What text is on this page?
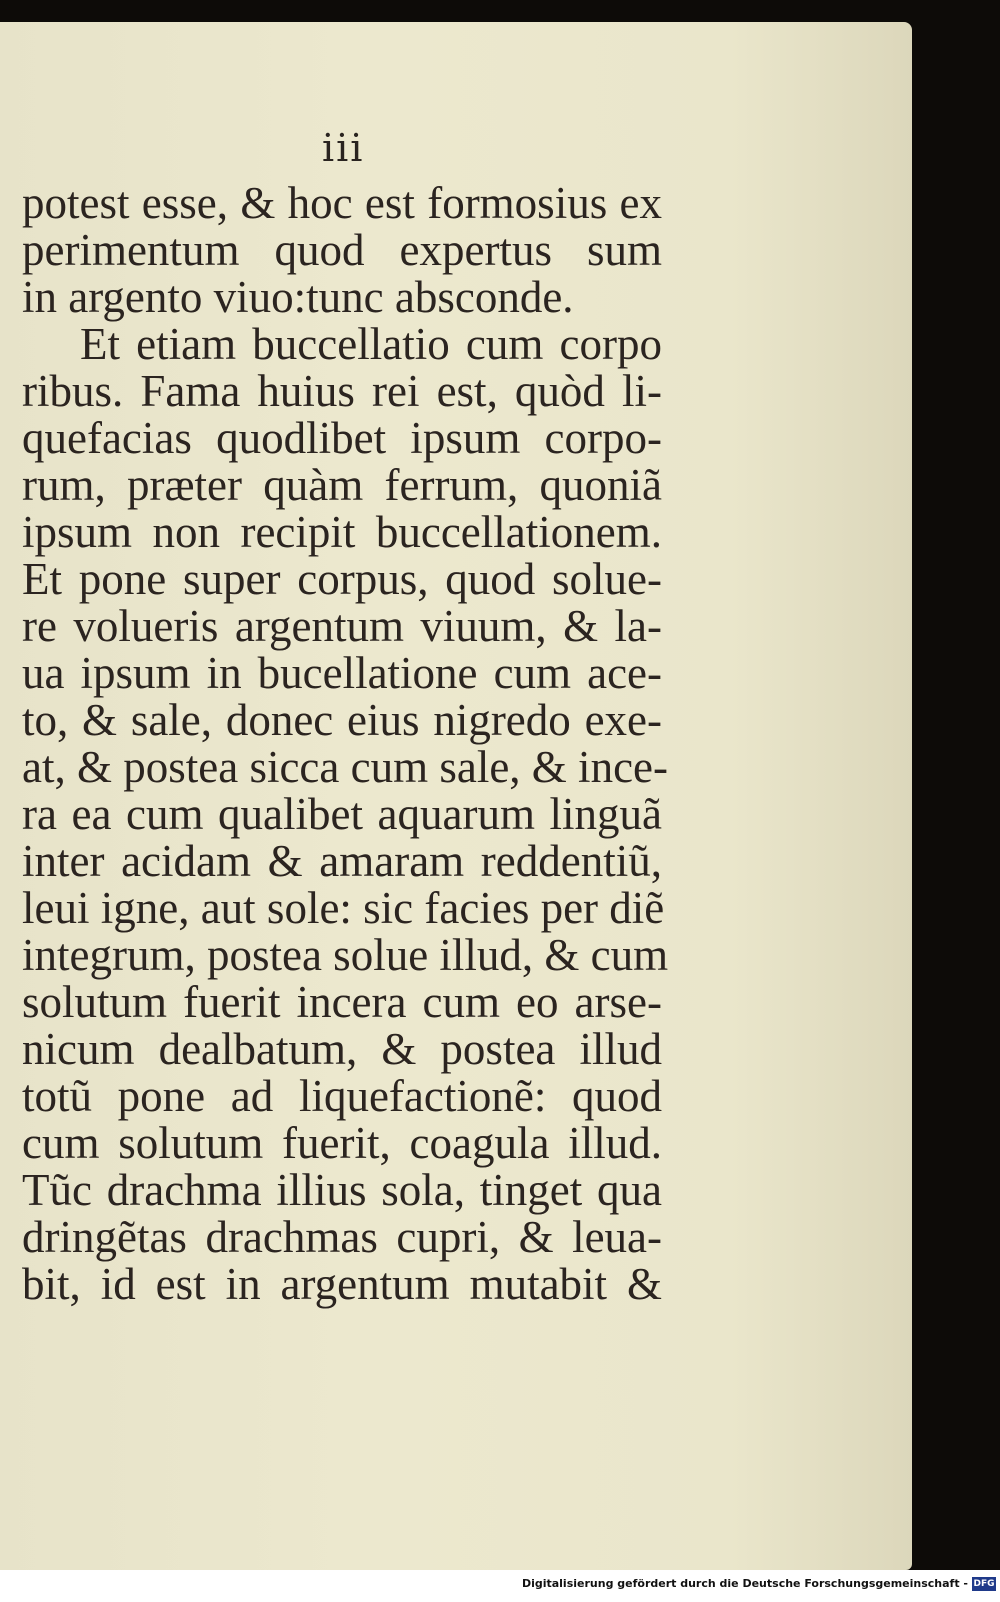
iii
potest esse, & hoc est formosius ex
perimentum quod expertus sum
in argento viuo:tunc absconde.
Et etiam buccellatio cum corpo
ribus. Fama huius rei est, quòd li-
quefacias quodlibet ipsum corpo-
rum, præter quàm ferrum, quoniã
ipsum non recipit buccellationem.
Et pone super corpus, quod solue-
re volueris argentum viuum, & la-
ua ipsum in bucellatione cum ace-
to, & sale, donec eius nigredo exe-
at, & postea sicca cum sale, & ince-
ra ea cum qualibet aquarum linguã
inter acidam & amaram reddentiũ,
leui igne, aut sole: sic facies per diẽ
integrum, postea solue illud, & cum
solutum fuerit incera cum eo arse-
nicum dealbatum, & postea illud
totũ pone ad liquefactionẽ: quod
cum solutum fuerit, coagula illud.
Tũc drachma illius sola, tinget qua
dringẽtas drachmas cupri, & leua-
bit, id est in argentum mutabit &
Digitalisierung gefördert durch die Deutsche Forschungsgemeinschaft - DFG
